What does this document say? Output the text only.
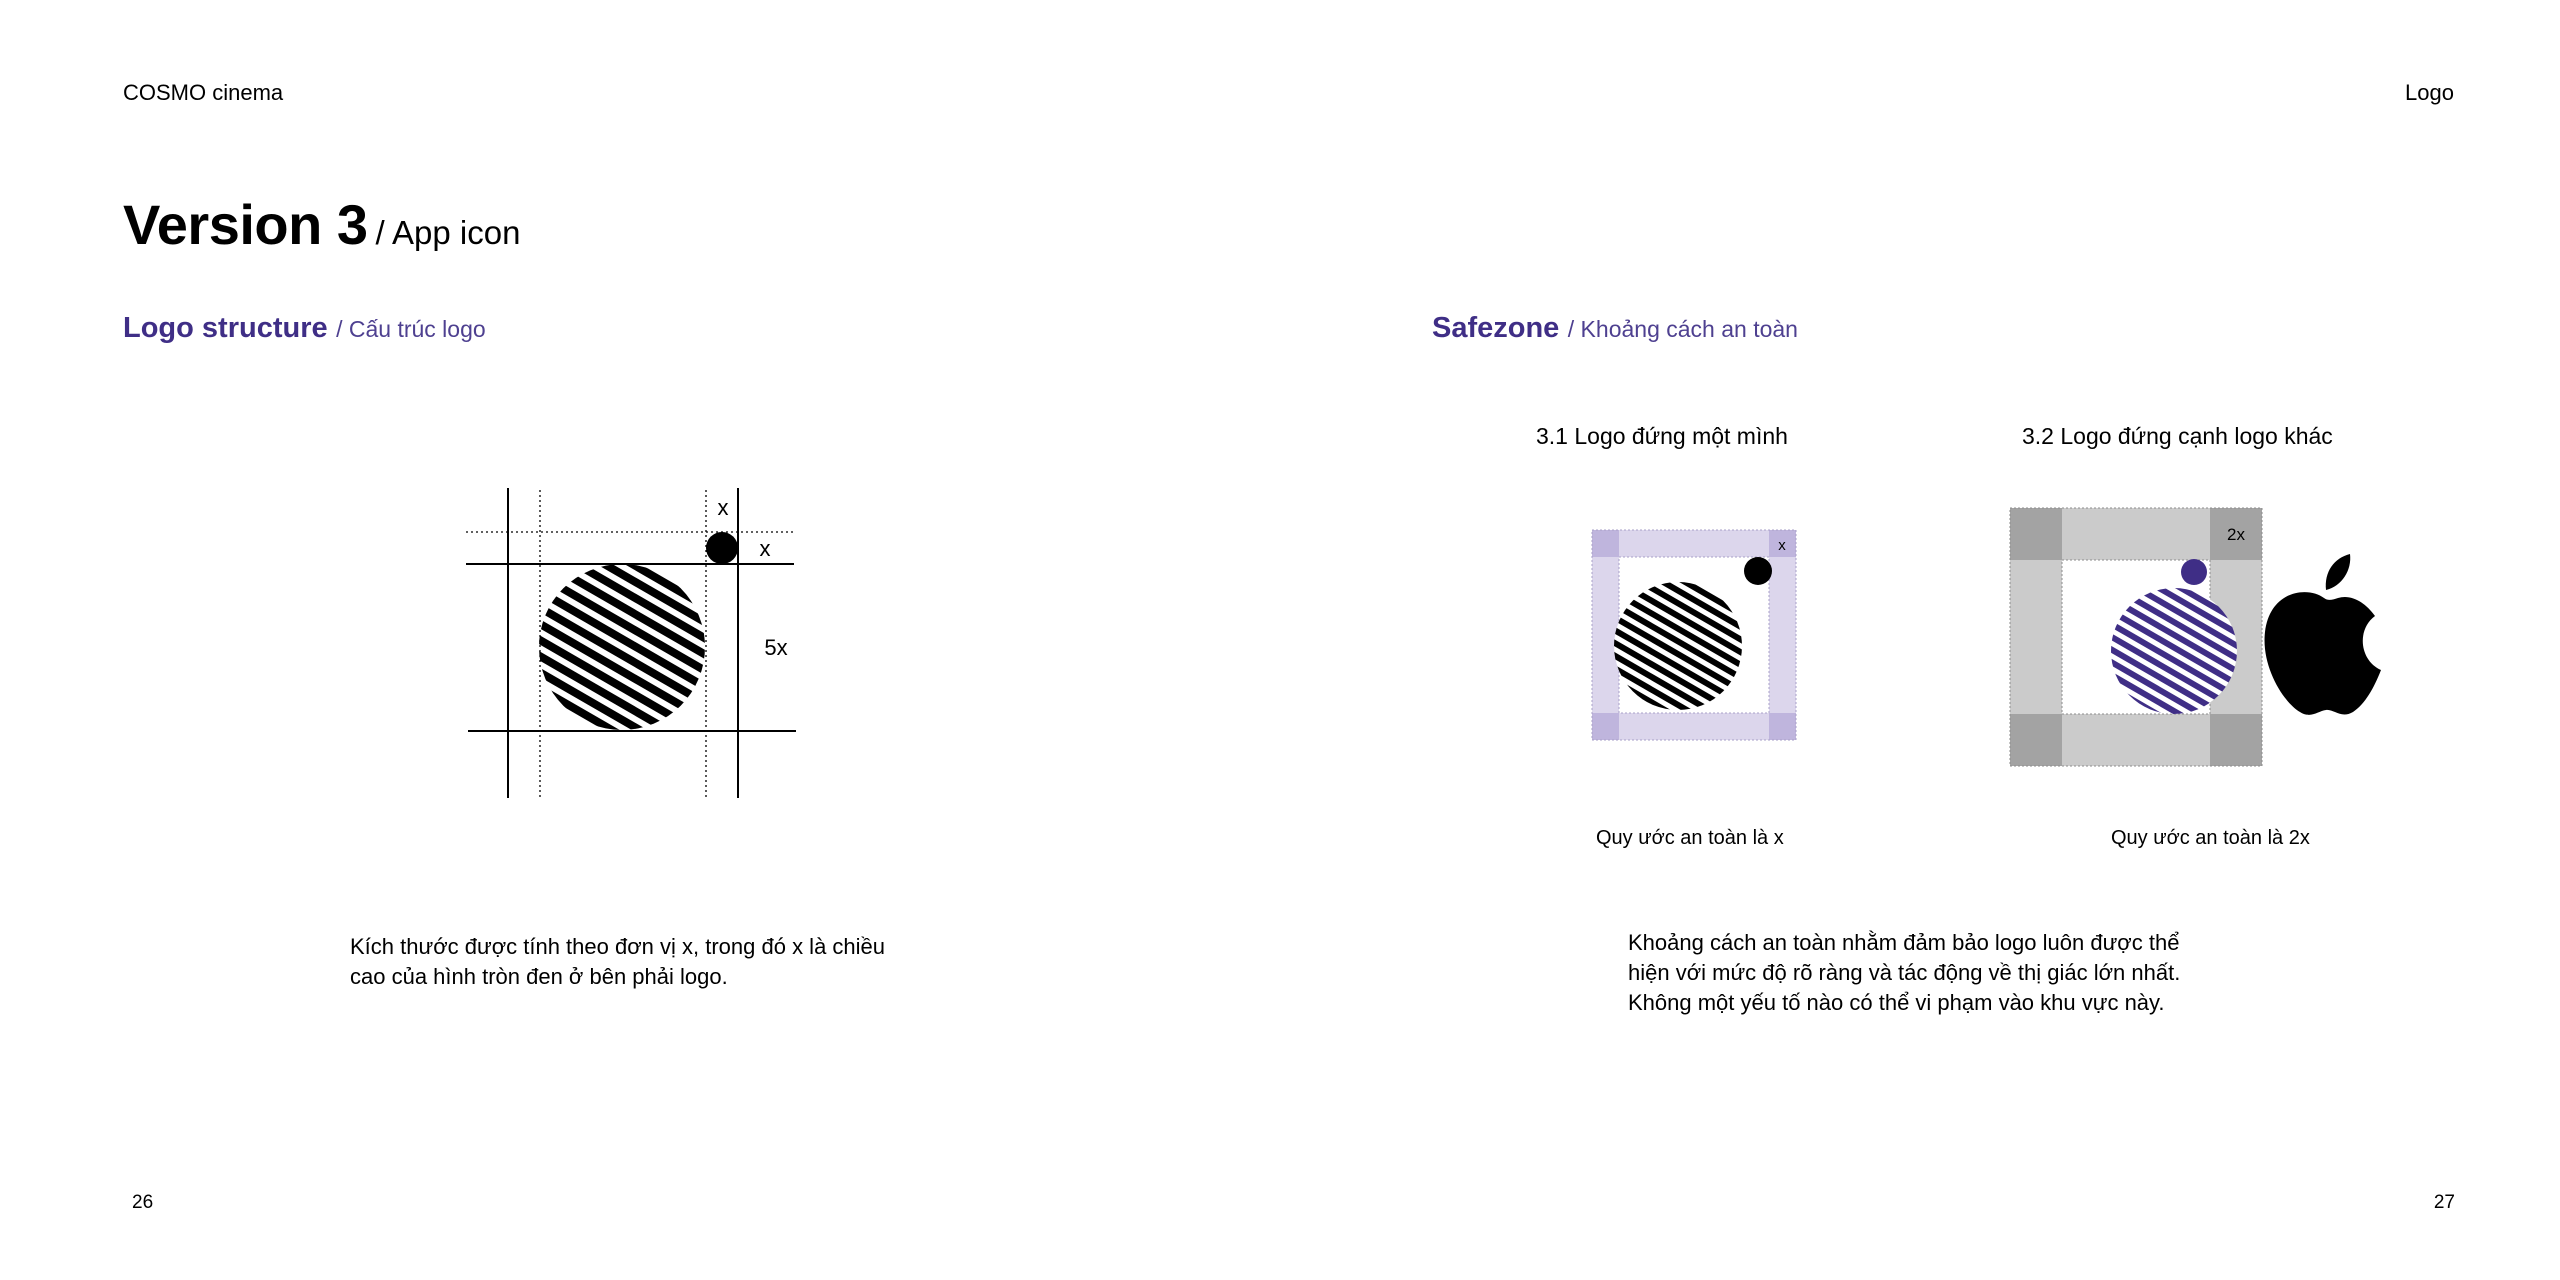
COSMO cinema	Logo
Version 3 / App icon
Logo structure / Cấu trúc logo
x
x
5x
Kích thước được tính theo đơn vị x, trong đó x là chiều
cao của hình tròn đen ở bên phải logo.
Safezone / Khoảng cách an toàn
3.1 Logo đứng một mình	3.2 Logo đứng cạnh logo khác
x
2x
Quy ước an toàn là x	Quy ước an toàn là 2x
Khoảng cách an toàn nhằm đảm bảo logo luôn được thể
hiện với mức độ rõ ràng và tác động về thị giác lớn nhất.
Không một yếu tố nào có thể vi phạm vào khu vực này.
26	27
